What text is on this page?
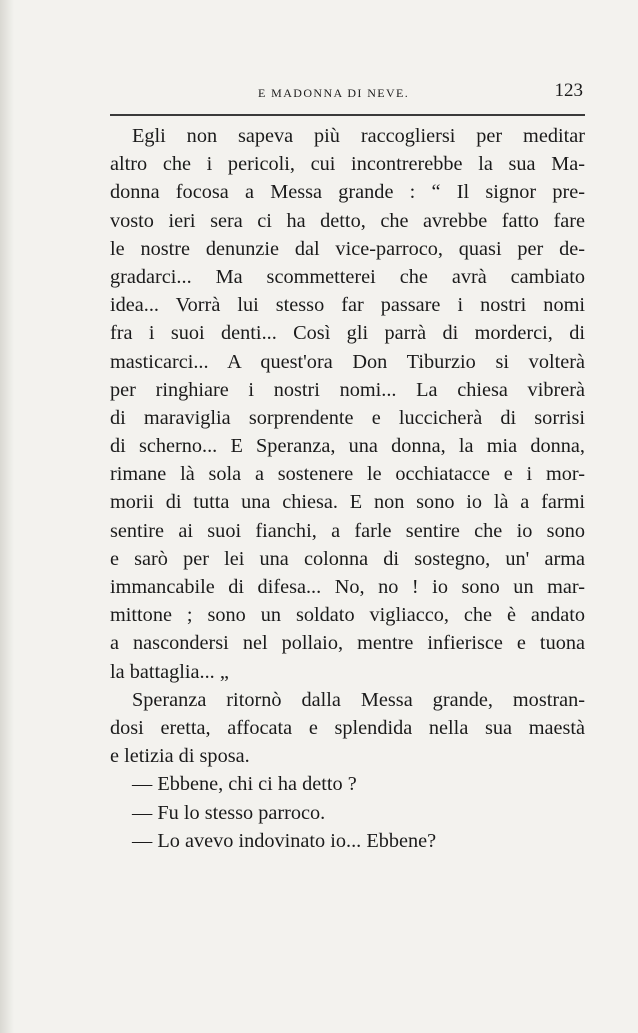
E MADONNA DI NEVE.	123
Egli non sapeva più raccogliersi per meditar
altro che i pericoli, cui incontrerebbe la sua Ma-
donna focosa a Messa grande : “ Il signor pre-
vosto ieri sera ci ha detto, che avrebbe fatto fare
le nostre denunzie dal vice-parroco, quasi per de-
gradarci... Ma scommetterei che avrà cambiato
idea... Vorrà lui stesso far passare i nostri nomi
fra i suoi denti... Così gli parrà di morderci, di
masticarci... A quest'ora Don Tiburzio si volterà
per ringhiare i nostri nomi... La chiesa vibrerà
di maraviglia sorprendente e luccicherà di sorrisi
di scherno... E Speranza, una donna, la mia donna,
rimane là sola a sostenere le occhiatacce e i mor-
morii di tutta una chiesa. E non sono io là a farmi
sentire ai suoi fianchi, a farle sentire che io sono
e sarò per lei una colonna di sostegno, un' arma
immancabile di difesa... No, no ! io sono un mar-
mittone ; sono un soldato vigliacco, che è andato
a nascondersi nel pollaio, mentre infierisce e tuona
la battaglia... „
Speranza ritornò dalla Messa grande, mostran-
dosi eretta, affocata e splendida nella sua maestà
e letizia di sposa.
— Ebbene, chi ci ha detto ?
— Fu lo stesso parroco.
— Lo avevo indovinato io... Ebbene?
